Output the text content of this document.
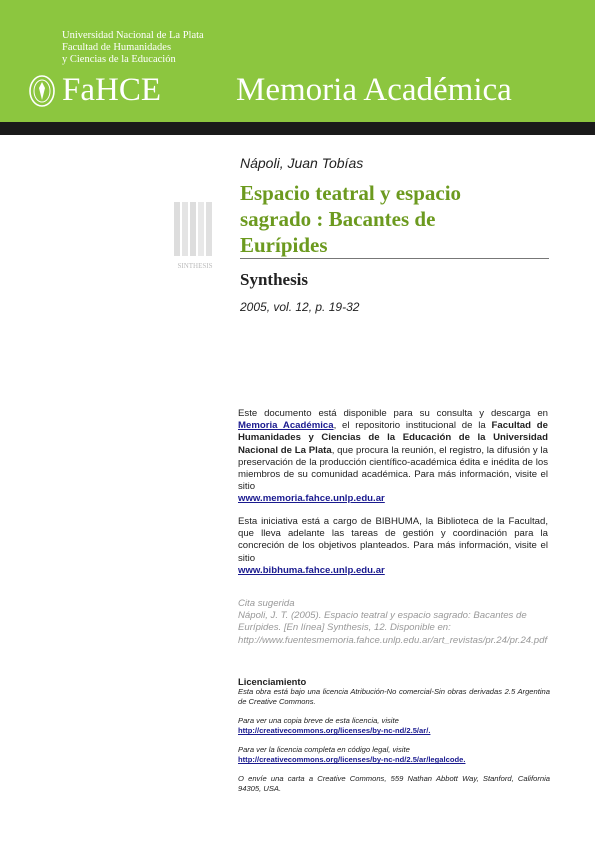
Universidad Nacional de La Plata
Facultad de Humanidades
y Ciencias de la Educación
FaHCE Memoria Académica
SINTHESIS
Nápoli, Juan Tobías
Espacio teatral y espacio
sagrado : Bacantes de
Eurípides
Synthesis
2005, vol. 12, p. 19-32
Este documento está disponible para su consulta y descarga en Memoria Académica, el repositorio institucional de la Facultad de Humanidades y Ciencias de la Educación de la Universidad Nacional de La Plata, que procura la reunión, el registro, la difusión y la preservación de la producción científico-académica édita e inédita de los miembros de su comunidad académica. Para más información, visite el sitio
www.memoria.fahce.unlp.edu.ar
Esta iniciativa está a cargo de BIBHUMA, la Biblioteca de la Facultad, que lleva adelante las tareas de gestión y coordinación para la concreción de los objetivos planteados. Para más información, visite el sitio
www.bibhuma.fahce.unlp.edu.ar
Cita sugerida
Nápoli, J. T. (2005). Espacio teatral y espacio sagrado: Bacantes de Eurípides. [En línea] Synthesis, 12. Disponible en: http://www.fuentesmemoria.fahce.unlp.edu.ar/art_revistas/pr.24/pr.24.pdf
Licenciamiento
Esta obra está bajo una licencia Atribución-No comercial-Sin obras derivadas 2.5 Argentina de Creative Commons.
Para ver una copia breve de esta licencia, visite
http://creativecommons.org/licenses/by-nc-nd/2.5/ar/.
Para ver la licencia completa en código legal, visite
http://creativecommons.org/licenses/by-nc-nd/2.5/ar/legalcode.
O envíe una carta a Creative Commons, 559 Nathan Abbott Way, Stanford, California 94305, USA.
